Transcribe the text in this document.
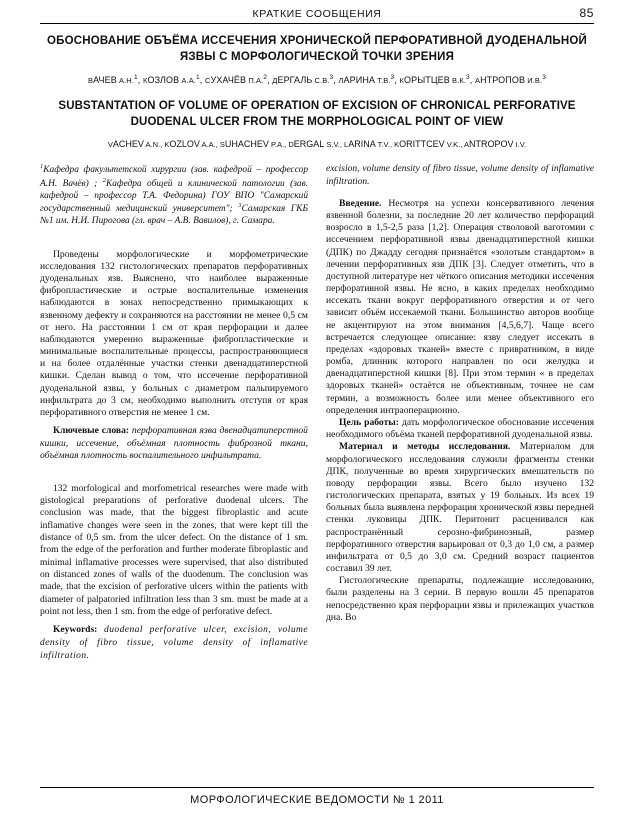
КРАТКИЕ СООБЩЕНИЯ	85
ОБОСНОВАНИЕ ОБЪЁМА ИССЕЧЕНИЯ ХРОНИЧЕСКОЙ ПЕРФОРАТИВНОЙ ДУОДЕНАЛЬНОЙ ЯЗВЫ С МОРФОЛОГИЧЕСКОЙ ТОЧКИ ЗРЕНИЯ
ВАЧЕВ А.Н.$^1$, КОЗЛОВ А.А.$^1$, СУХАЧЁВ П.А.$^2$, ДЕРГАЛЬ С.В.$^3$, ЛАРИНА Т.В.$^3$, КОРЫТЦЕВ В.К.$^3$, АНТРОПОВ И.В.$^3$
SUBSTANTATION OF VOLUME OF OPERATION OF EXCISION OF CHRONICAL PERFORATIVE DUODENAL ULCER FROM THE MORPHOLOGICAL POINT OF VIEW
VACHEV A.N., KOZLOV A.A., SUHACHEV P.A., DERGAL S.V., LARINA T.V., KORITTCEV V.K., ANTROPOV I.V.
$^1$Кафедра факультетской хирургии (зав. кафедрой – профессор А.Н. Вачёв) ; $^2$Кафедра общей и клинической патологии (зав. кафедрой – профессор Т.А. Федорина) ГОУ ВПО "Самарский государственный медицинский университет"; $^3$Самарская ГКБ №1 им. Н.И. Пирогова (гл. врач – А.В. Вавилов), г. Самара.

Проведены морфологические и морфометрические исследования 132 гистологических препаратов перфоративных дуоденальных язв. Выяснено, что наиболее выраженные фибропластические и острые воспалительные изменения наблюдаются в зонах непосредственно примыкающих к язвенному дефекту и сохраняются на расстоянии не менее 0,5 см от него. На расстоянии 1 см от края перфорации и далее наблюдаются умеренно выраженные фибропластические и минимальные воспалительные процессы, распространяющиеся и на более отдалённые участки стенки двенадцатиперстной кишки. Сделан вывод о том, что иссечение перфоративной дуоденальной язвы, у больных с диаметром пальпируемого инфильтрата до 3 см, необходимо выполнить отступя от края перфоративного отверстия не менее 1 см.

Ключевые слова: перфоративная язва двенадцатиперстной кишки, иссечение, объёмная плотность фиброзной ткани, объёмная плотность воспалительного инфильтрата.
132 morfological and morfometrical researches were made with gistological preparations of perforative duodenal ulcers. The conclusion was made, that the biggest fibroplastic and acute inflamative changes were seen in the zones, that were kept till the distance of 0,5 sm. from the ulcer defect. On the distance of 1 sm. from the edge of the perforation and further moderate fibroplastic and minimal inflamative processes were supervised, that also distributed on distanced zones of walls of the duodenum. The conclusion was made, that the excision of perforative ulcers within the patients with diameter of palpatoried infiltration less than 3 sm. must be made at a point not less, then 1 sm. from the edge of perforative defect.
Keywords: duodenal perforative ulcer, excision, volume density of fibro tissue, volume density of inflamative infiltration.
excision, volume density of fibro tissue, volume density of inflamative infiltration.

Введение. Несмотря на успехи консервативного лечения язвенной болезни, за последние 20 лет количество перфораций возросло в 1,5-2,5 раза [1,2]. Операция стволовой ваготомии с иссечением перфоративной язвы двенадцатиперстной кишки (ДПК) по Джадду сегодня признаётся «золотым стандартом» в лечении перфоративных язв ДПК [3]. Следует отметить, что в доступной литературе нет чёткого описания методики иссечения перфоративной язвы. Не ясно, в каких пределах необходимо иссекать ткани вокруг перфоративного отверстия и от чего зависит объём иссекаемой ткани. Большинство авторов вообще не акцентируют на этом внимания [4,5,6,7]. Чаще всего встречается следующее описание: язву следует иссекать в пределах «здоровых тканей» вместе с привратником, в виде ромба, длинник которого направлен по оси желудка и двенадцатиперстной кишки [8]. При этом термин « в пределах здоровых тканей» остаётся не объективным, точнее не сам термин, а возможность более или менее объективного его определения интраоперационно.

Цель работы: дать морфологическое обоснование иссечения необходимого объёма тканей перфоративной дуоденальной язвы.

Материал и методы исследования. Материалом для морфологического исследования служили фрагменты стенки ДПК, полученные во время хирургических вмешательств по поводу перфорации язвы. Всего было изучено 132 гистологических препарата, взятых у 19 больных. Из всех 19 больных была выявлена перфорация хронической язвы передней стенки луковицы ДПК. Перитонит расценивался как распространённый серозно-фибринозный, размер перфоративного отверстия варьировал от 0,3 до 1,0 см, а размер инфильтрата от 0,5 до 3,0 см. Средний возраст пациентов составил 39 лет.

Гистологические препараты, подлежащие исследованию, были разделены на 3 серии. В первую вошли 45 препаратов непосредственно края перфорации язвы и прилежащих участков дна. Во

МОРФОЛОГИЧЕСКИЕ ВЕДОМОСТИ № 1 2011
